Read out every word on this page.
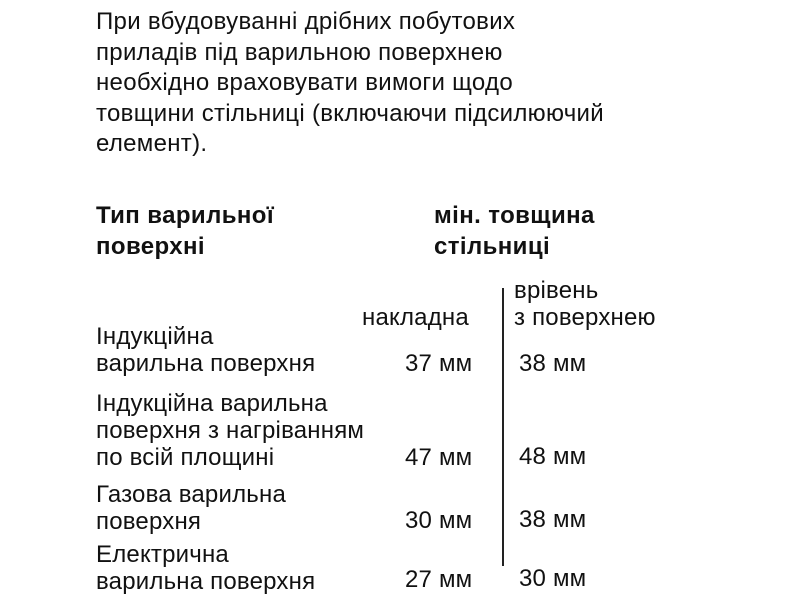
При вбудовуванні дрібних побутових
приладів під варильною поверхнею
необхідно враховувати вимоги щодо
товщини стільниці (включаючи підсилюючий
елемент).

Тип варильної
поверхні
мін. товщина
стільниці
накладна
врівень
з поверхнею
Індукційна
варильна поверхня	37 мм 38 мм
Індукційна варильна
поверхня з нагріванням
по всій площині	47 мм 48 мм
Газова варильна
поверхня	30 мм 38 мм
Електрична
варильна поверхня	27 мм 30 мм
